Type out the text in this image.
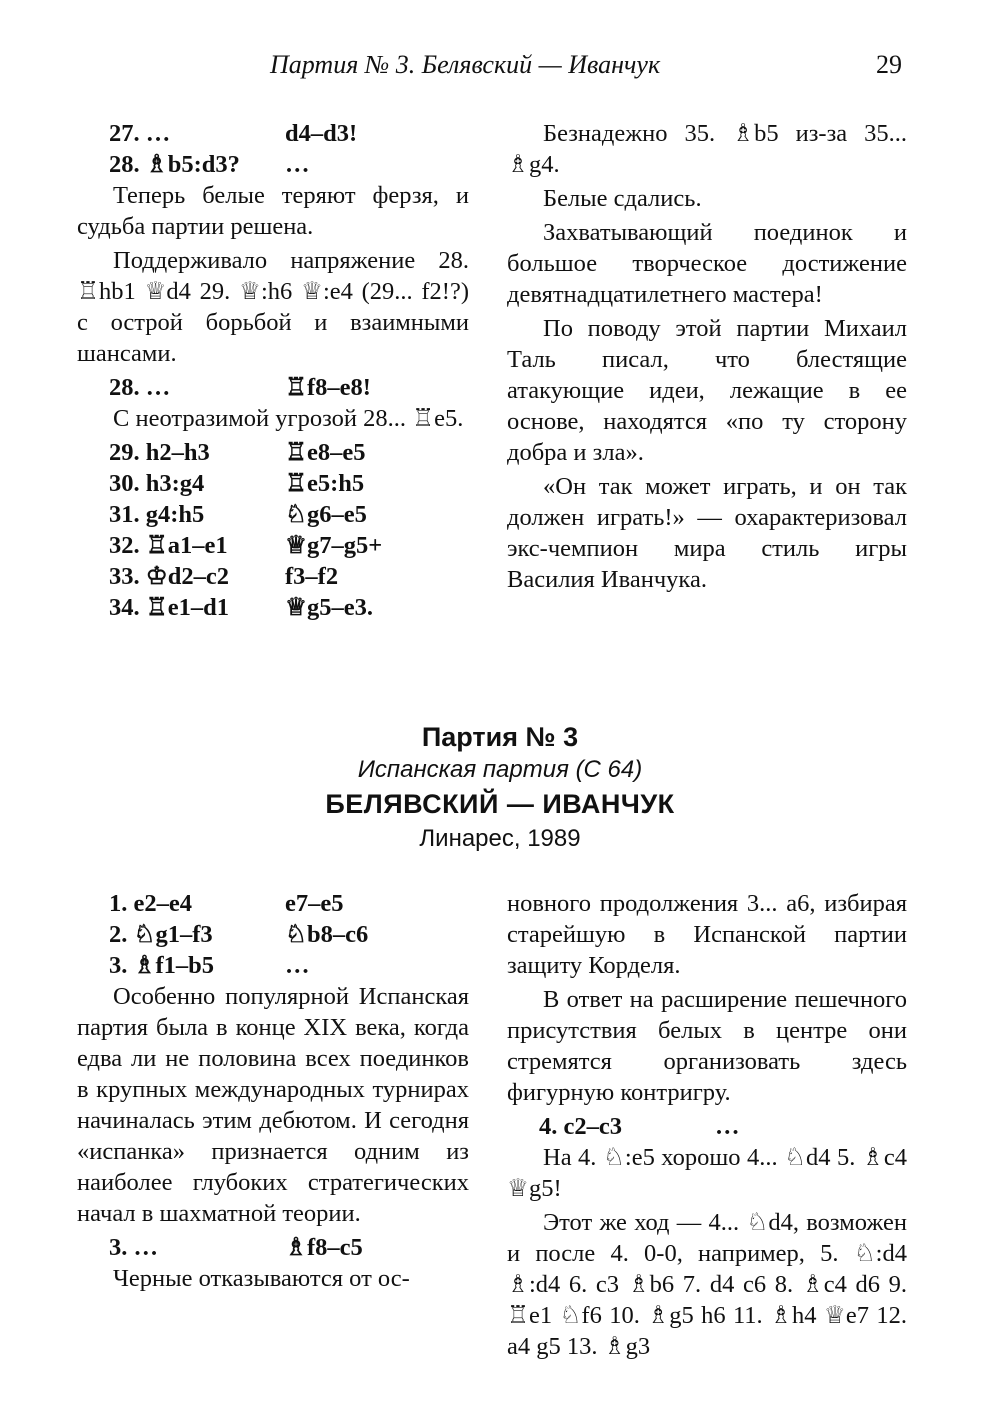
Партия № 3. Белявский — Иванчук	29
27. …	d4–d3!
28. ♗b5:d3?	…

Теперь белые теряют ферзя, и судьба партии решена.

Поддерживало напряжение 28. ♖hb1 ♕d4 29. ♕:h6 ♕:e4 (29... f2!?) с острой борьбой и взаимными шансами.

28. …	♖f8–e8!

С неотразимой угрозой 28... ♖e5.

29. h2–h3	♖e8–e5
30. h3:g4	♖e5:h5
31. g4:h5	♘g6–e5
32. ♖a1–e1	♕g7–g5+
33. ♔d2–c2	f3–f2
34. ♖e1–d1	♕g5–e3.

Безнадежно 35. ♗b5 из-за 35... ♗g4.

Белые сдались.

Захватывающий поединок и большое творческое достижение девятнадцатилетнего мастера!

По поводу этой партии Михаил Таль писал, что блестящие атакующие идеи, лежащие в ее основе, находятся «по ту сторону добра и зла».

«Он так может играть, и он так должен играть!» — охарактеризовал экс-чемпион мира стиль игры Василия Иванчука.

Партия № 3
Испанская партия (С 64)
БЕЛЯВСКИЙ — ИВАНЧУК
Линарес, 1989
1. e2–e4	e7–e5
2. ♘g1–f3	♘b8–c6
3. ♗f1–b5	…

Особенно популярной Испанская партия была в конце XIX века, когда едва ли не половина всех поединков в крупных международных турнирах начиналась этим дебютом. И сегодня «испанка» признается одним из наиболее глубоких стратегических начал в шахматной теории.

3. …	♗f8–c5

Черные отказываются от ос-

новного продолжения 3... a6, избирая старейшую в Испанской партии защиту Корделя.

В ответ на расширение пешечного присутствия белых в центре они стремятся организовать здесь фигурную контригру.

4. c2–c3	…

На 4. ♘:e5 хорошо 4... ♘d4 5. ♗c4 ♕g5!

Этот же ход — 4... ♘d4, возможен и после 4. 0-0, например, 5. ♘:d4 ♗:d4 6. c3 ♗b6 7. d4 c6 8. ♗c4 d6 9. ♖e1 ♘f6 10. ♗g5 h6 11. ♗h4 ♕e7 12. a4 g5 13. ♗g3
